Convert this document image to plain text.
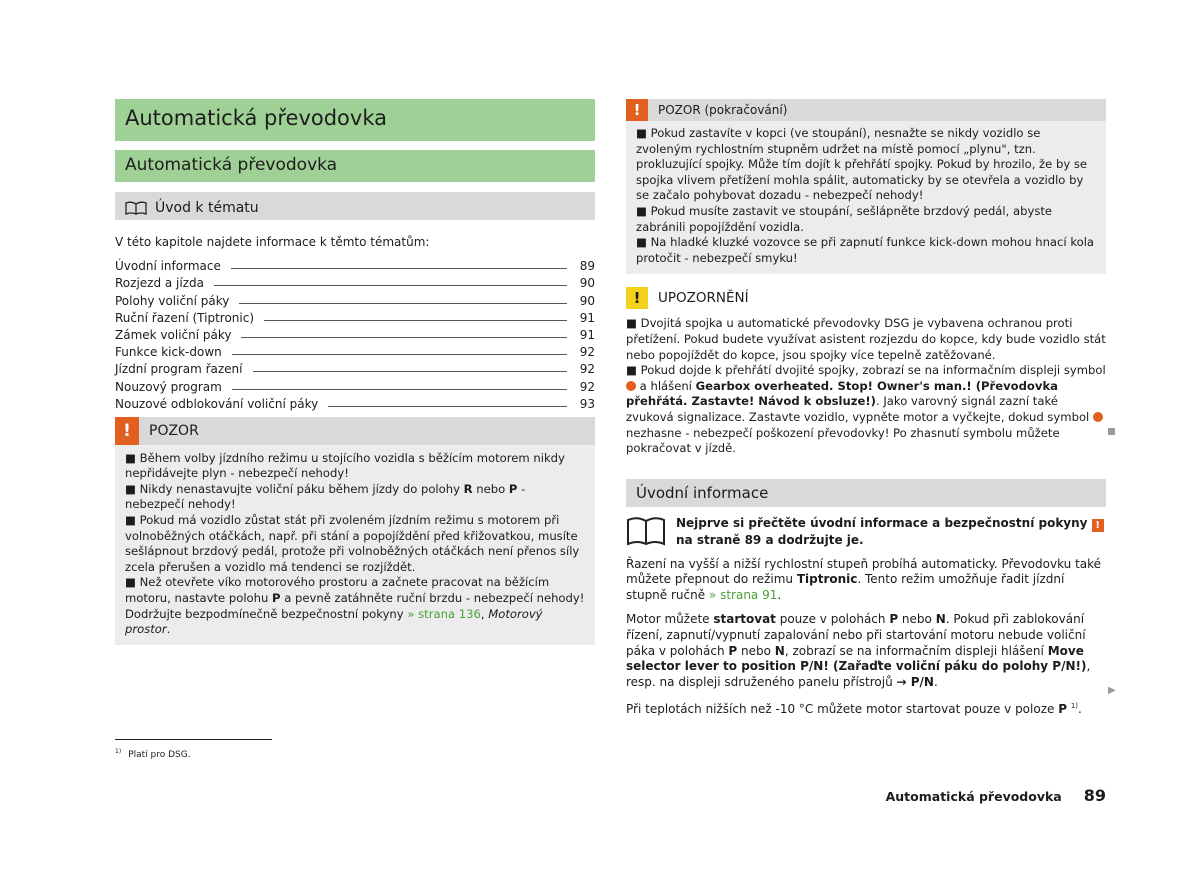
Automatická převodovka
Automatická převodovka
Úvod k tématu
V této kapitole najdete informace k těmto tématům:
Úvodní informace	89
Rozjezd a jízda	90
Polohy voliční páky	90
Ruční řazení (Tiptronic)	91
Zámek voliční páky	91
Funkce kick-down	92
Jízdní program řazení	92
Nouzový program	92
Nouzové odblokování voliční páky	93
!	POZOR
■ Během volby jízdního režimu u stojícího vozidla s běžícím motorem nikdy nepřidávejte plyn - nebezpečí nehody!
■ Nikdy nenastavujte voliční páku během jízdy do polohy R nebo P - nebezpečí nehody!
■ Pokud má vozidlo zůstat stát při zvoleném jízdním režimu s motorem při volnoběžných otáčkách, např. při stání a popojíždění před křižovatkou, musíte sešlápnout brzdový pedál, protože při volnoběžných otáčkách není přenos síly zcela přerušen a vozidlo má tendenci se rozjíždět.
■ Než otevřete víko motorového prostoru a začnete pracovat na běžícím motoru, nastavte polohu P a pevně zatáhněte ruční brzdu - nebezpečí nehody! Dodržujte bezpodmínečně bezpečnostní pokyny » strana 136, Motorový prostor.
!	POZOR (pokračování)
■ Pokud zastavíte v kopci (ve stoupání), nesnažte se nikdy vozidlo se zvoleným rychlostním stupněm udržet na místě pomocí „plynu", tzn. prokluzující spojky. Může tím dojít k přehřátí spojky. Pokud by hrozilo, že by se spojka vlivem přetížení mohla spálit, automaticky by se otevřela a vozidlo by se začalo pohybovat dozadu - nebezpečí nehody!
■ Pokud musíte zastavit ve stoupání, sešlápněte brzdový pedál, abyste zabránili popojíždění vozidla.
■ Na hladké kluzké vozovce se při zapnutí funkce kick-down mohou hnací kola protočit - nebezpečí smyku!
!	UPOZORNĚNÍ
■ Dvojitá spojka u automatické převodovky DSG je vybavena ochranou proti přetížení. Pokud budete využívat asistent rozjezdu do kopce, kdy bude vozidlo stát nebo popojíždět do kopce, jsou spojky více tepelně zatěžované.
■ Pokud dojde k přehřátí dvojité spojky, zobrazí se na informačním displeji symbol  a hlášení Gearbox overheated. Stop! Owner's man.! (Převodovka přehřátá. Zastavte! Návod k obsluze!). Jako varovný signál zazní také zvuková signalizace. Zastavte vozidlo, vypněte motor a vyčkejte, dokud symbol  nezhasne - nebezpečí poškození převodovky! Po zhasnutí symbolu můžete pokračovat v jízdě.
Úvodní informace
Nejprve si přečtěte úvodní informace a bezpečnostní pokyny ! na straně 89 a dodržujte je.
Řazení na vyšší a nižší rychlostní stupeň probíhá automaticky. Převodovku také můžete přepnout do režimu Tiptronic. Tento režim umožňuje řadit jízdní stupně ručně » strana 91.
Motor můžete startovat pouze v polohách P nebo N. Pokud při zablokování řízení, zapnutí/vypnutí zapalování nebo při startování motoru nebude voliční páka v polohách P nebo N, zobrazí se na informačním displeji hlášení Move selector lever to position P/N! (Zařaďte voliční páku do polohy P/N!), resp. na displeji sdruženého panelu přístrojů → P/N.
Při teplotách nižších než -10 °C můžete motor startovat pouze v poloze P $^{1)}$.
▶
$^{1)}$ Platí pro DSG.
Automatická převodovka 89
